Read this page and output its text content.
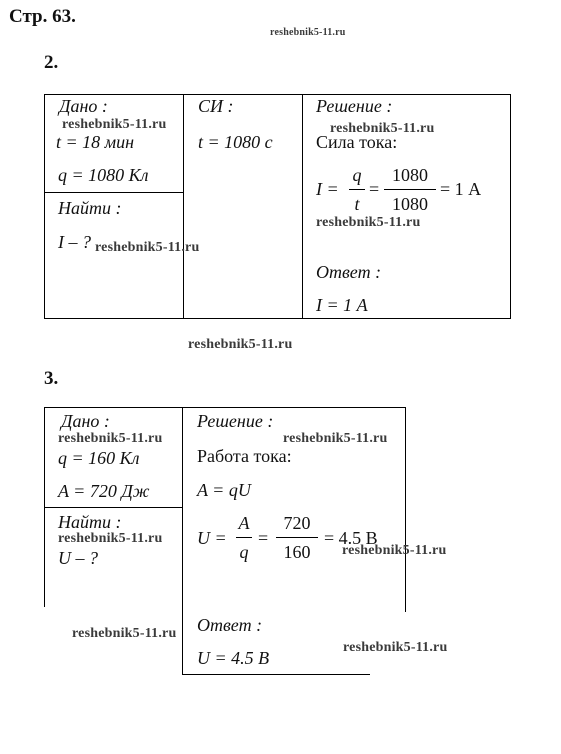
Стр. 63.
reshebnik5-11.ru
2.
Дано :
t = 18 мин
q = 1080 Кл
Найти :
I – ?
СИ :
t = 1080 с
Решение :
Сила тока:
I =
q
t
=
1080
1080
= 1 А
Ответ :
I = 1 А
reshebnik5-11.ru	reshebnik5-11.ru
reshebnik5-11.ru
reshebnik5-11.ru
reshebnik5-11.ru
3.
Дано :
q = 160 Кл
A = 720 Дж
Найти :
U – ?
Решение :
Работа тока:
A = qU
U =
A
q
=
720
160
= 4.5 В
Ответ :
U = 4.5 В
reshebnik5-11.ru	reshebnik5-11.ru
reshebnik5-11.ru
reshebnik5-11.ru
reshebnik5-11.ru
reshebnik5-11.ru
